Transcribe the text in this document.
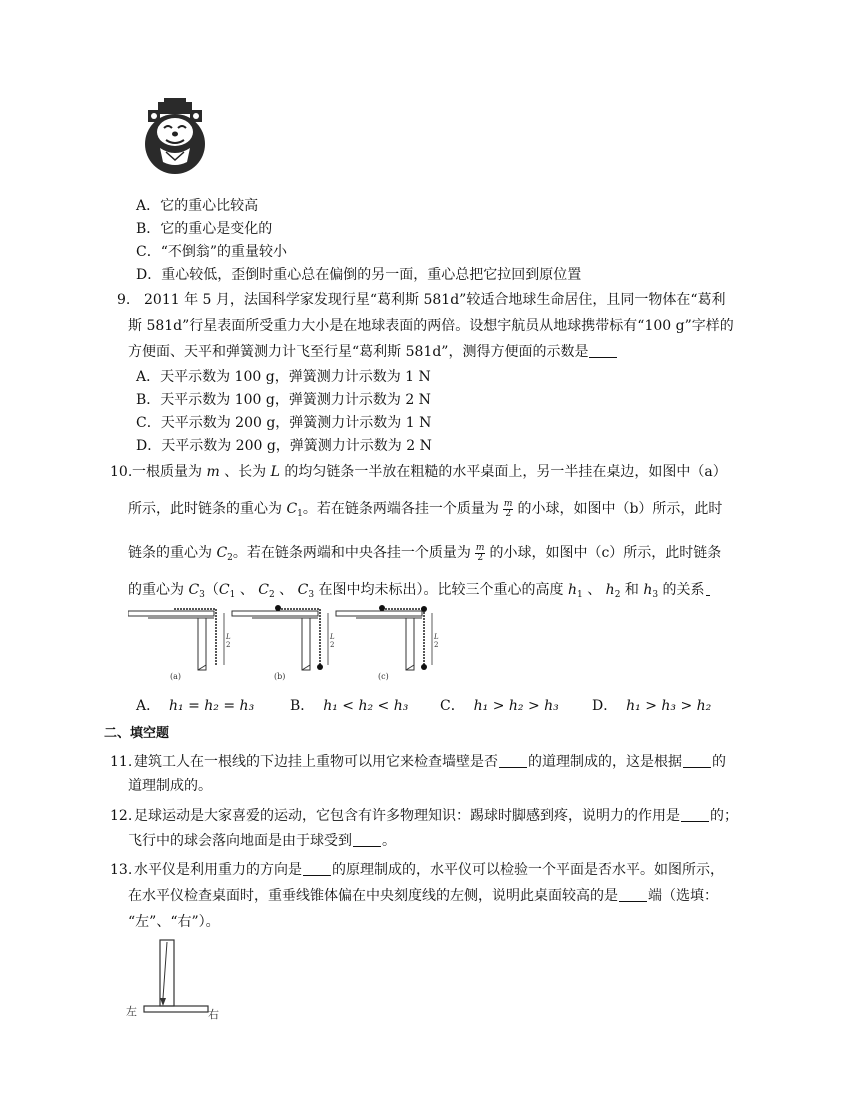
A．它的重心比较高
B．它的重心是变化的
C．“不倒翁”的重量较小
D．重心较低，歪倒时重心总在偏倒的另一面，重心总把它拉回到原位置
9. 2011 年 5 月，法国科学家发现行星“葛利斯 581d”较适合地球生命居住，且同一物体在“葛利
斯 581d”行星表面所受重力大小是在地球表面的两倍。设想宇航员从地球携带标有“100 g”字样的
方便面、天平和弹簧测力计飞至行星“葛利斯 581d”，测得方便面的示数是
A．天平示数为 100 g，弹簧测力计示数为 1 N
B．天平示数为 100 g，弹簧测力计示数为 2 N
C．天平示数为 200 g，弹簧测力计示数为 1 N
D．天平示数为 200 g，弹簧测力计示数为 2 N
10. 一根质量为 m 、长为 L 的均匀链条一半放在粗糙的水平桌面上，另一半挂在桌边，如图中（a）
所示，此时链条的重心为 $C_1$。若在链条两端各挂一个质量为 $\frac{m}{2}$ 的小球，如图中（b）所示，此时
链条的重心为 $C_2$。若在链条两端和中央各挂一个质量为 $\frac{m}{2}$ 的小球，如图中（c）所示，此时链条
的重心为 $C_3(C_1$ 、 $C_2$ 、 $C_3$ 在图中均未标出）。比较三个重心的高度 $h_1$ 、 $h_2$ 和 $h_3$ 的关系
L
2
(a)
L
2
(b)
L
2
(c)
A． h₁ = h₂ = h₃	B． h₁ < h₂ < h₃ C． h₁ > h₂ > h₃ D． h₁ > h₃ > h₂
二、填空题
11. 建筑工人在一根线的下边挂上重物可以用它来检查墙壁是否 的道理制成的，这是根据 的
道理制成的。
12. 足球运动是大家喜爱的运动，它包含有许多物理知识：踢球时脚感到疼，说明力的作用是 的；
飞行中的球会落向地面是由于球受到 。
13. 水平仪是利用重力的方向是 的原理制成的，水平仪可以检验一个平面是否水平。如图所示，
在水平仪检查桌面时，重垂线锥体偏在中央刻度线的左侧，说明此桌面较高的是 端（选填：
“左”、“右”）。
左	右
